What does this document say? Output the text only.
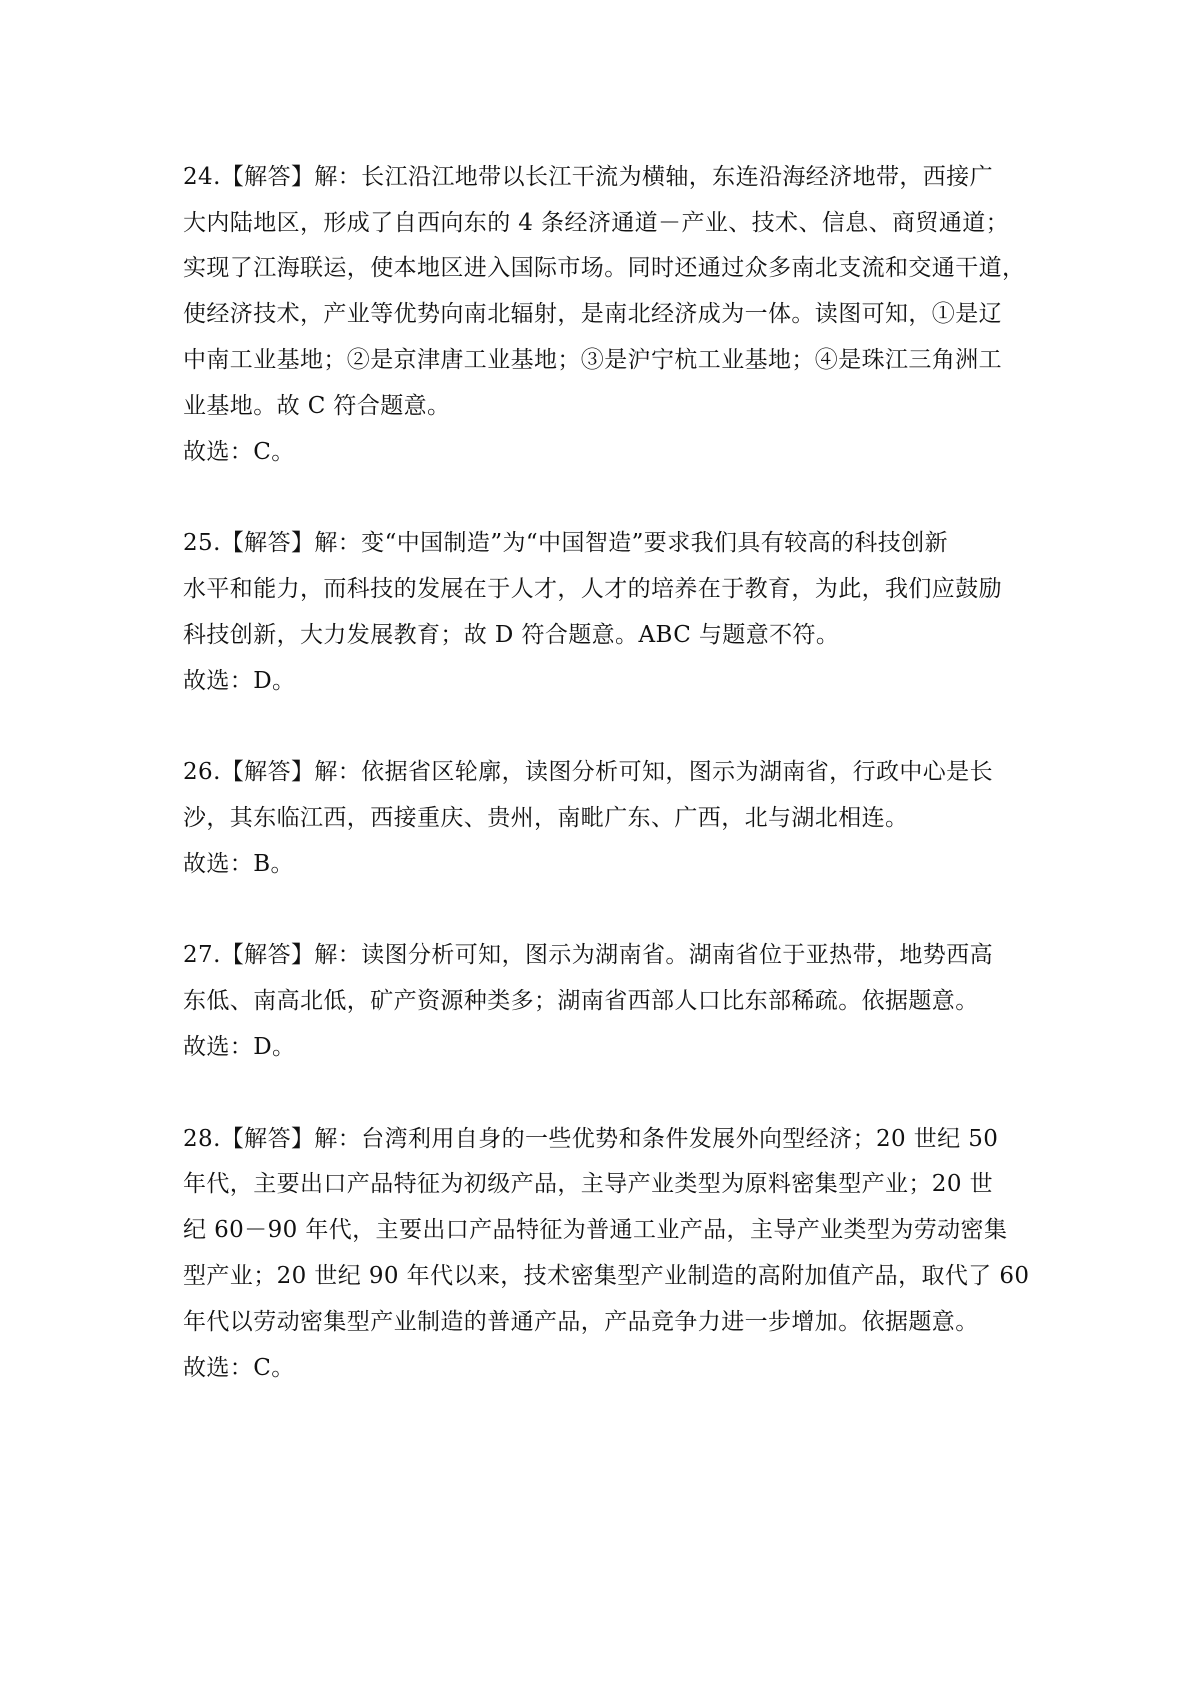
24.【解答】解：长江沿江地带以长江干流为横轴，东连沿海经济地带，西接广
大内陆地区，形成了自西向东的 4 条经济通道－产业、技术、信息、商贸通道；
实现了江海联运，使本地区进入国际市场。同时还通过众多南北支流和交通干道，
使经济技术，产业等优势向南北辐射，是南北经济成为一体。读图可知，①是辽
中南工业基地；②是京津唐工业基地；③是沪宁杭工业基地；④是珠江三角洲工
业基地。故 C 符合题意。
故选：C。
25.【解答】解：变“中国制造”为“中国智造”要求我们具有较高的科技创新
水平和能力，而科技的发展在于人才，人才的培养在于教育，为此，我们应鼓励
科技创新，大力发展教育；故 D 符合题意。ABC 与题意不符。
故选：D。
26.【解答】解：依据省区轮廓，读图分析可知，图示为湖南省，行政中心是长
沙，其东临江西，西接重庆、贵州，南毗广东、广西，北与湖北相连。
故选：B。
27.【解答】解：读图分析可知，图示为湖南省。湖南省位于亚热带，地势西高
东低、南高北低，矿产资源种类多；湖南省西部人口比东部稀疏。依据题意。
故选：D。
28.【解答】解：台湾利用自身的一些优势和条件发展外向型经济；20 世纪 50
年代，主要出口产品特征为初级产品，主导产业类型为原料密集型产业；20 世
纪 60－90 年代，主要出口产品特征为普通工业产品，主导产业类型为劳动密集
型产业；20 世纪 90 年代以来，技术密集型产业制造的高附加值产品，取代了 60
年代以劳动密集型产业制造的普通产品，产品竞争力进一步增加。依据题意。
故选：C。
